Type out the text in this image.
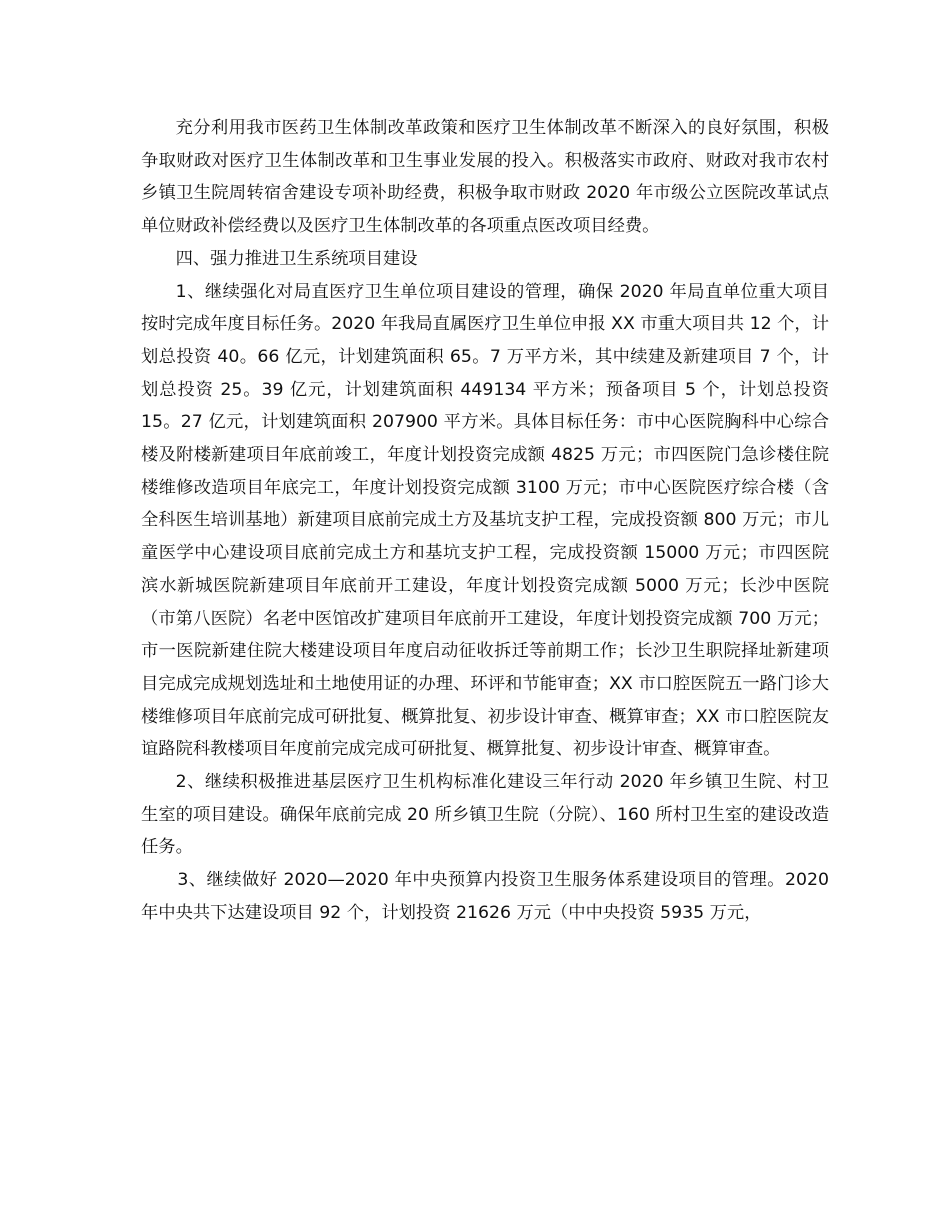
充分利用我市医药卫生体制改革政策和医疗卫生体制改革不断深入的良好氛围，积极争取财政对医疗卫生体制改革和卫生事业发展的投入。积极落实市政府、财政对我市农村乡镇卫生院周转宿舍建设专项补助经费，积极争取市财政 2020 年市级公立医院改革试点单位财政补偿经费以及医疗卫生体制改革的各项重点医改项目经费。

四、强力推进卫生系统项目建设

1、继续强化对局直医疗卫生单位项目建设的管理，确保 2020 年局直单位重大项目按时完成年度目标任务。2020 年我局直属医疗卫生单位申报 XX 市重大项目共 12 个，计划总投资 40。66 亿元，计划建筑面积 65。7 万平方米，其中续建及新建项目 7 个，计划总投资 25。39 亿元，计划建筑面积 449134 平方米；预备项目 5 个，计划总投资 15。27 亿元，计划建筑面积 207900 平方米。具体目标任务：市中心医院胸科中心综合楼及附楼新建项目年底前竣工，年度计划投资完成额 4825 万元；市四医院门急诊楼住院楼维修改造项目年底完工，年度计划投资完成额 3100 万元；市中心医院医疗综合楼（含全科医生培训基地）新建项目底前完成土方及基坑支护工程，完成投资额 800 万元；市儿童医学中心建设项目底前完成土方和基坑支护工程，完成投资额 15000 万元；市四医院滨水新城医院新建项目年底前开工建设，年度计划投资完成额 5000 万元；长沙中医院（市第八医院）名老中医馆改扩建项目年底前开工建设，年度计划投资完成额 700 万元；市一医院新建住院大楼建设项目年度启动征收拆迁等前期工作；长沙卫生职院择址新建项目完成完成规划选址和土地使用证的办理、环评和节能审查；XX 市口腔医院五一路门诊大楼维修项目年底前完成可研批复、概算批复、初步设计审查、概算审查；XX 市口腔医院友谊路院科教楼项目年度前完成完成可研批复、概算批复、初步设计审查、概算审查。

2、继续积极推进基层医疗卫生机构标准化建设三年行动 2020 年乡镇卫生院、村卫生室的项目建设。确保年底前完成 20 所乡镇卫生院（分院）、160 所村卫生室的建设改造任务。

3、继续做好 2020—2020 年中央预算内投资卫生服务体系建设项目的管理。2020 年中央共下达建设项目 92 个，计划投资 21626 万元（中中央投资 5935 万元，
